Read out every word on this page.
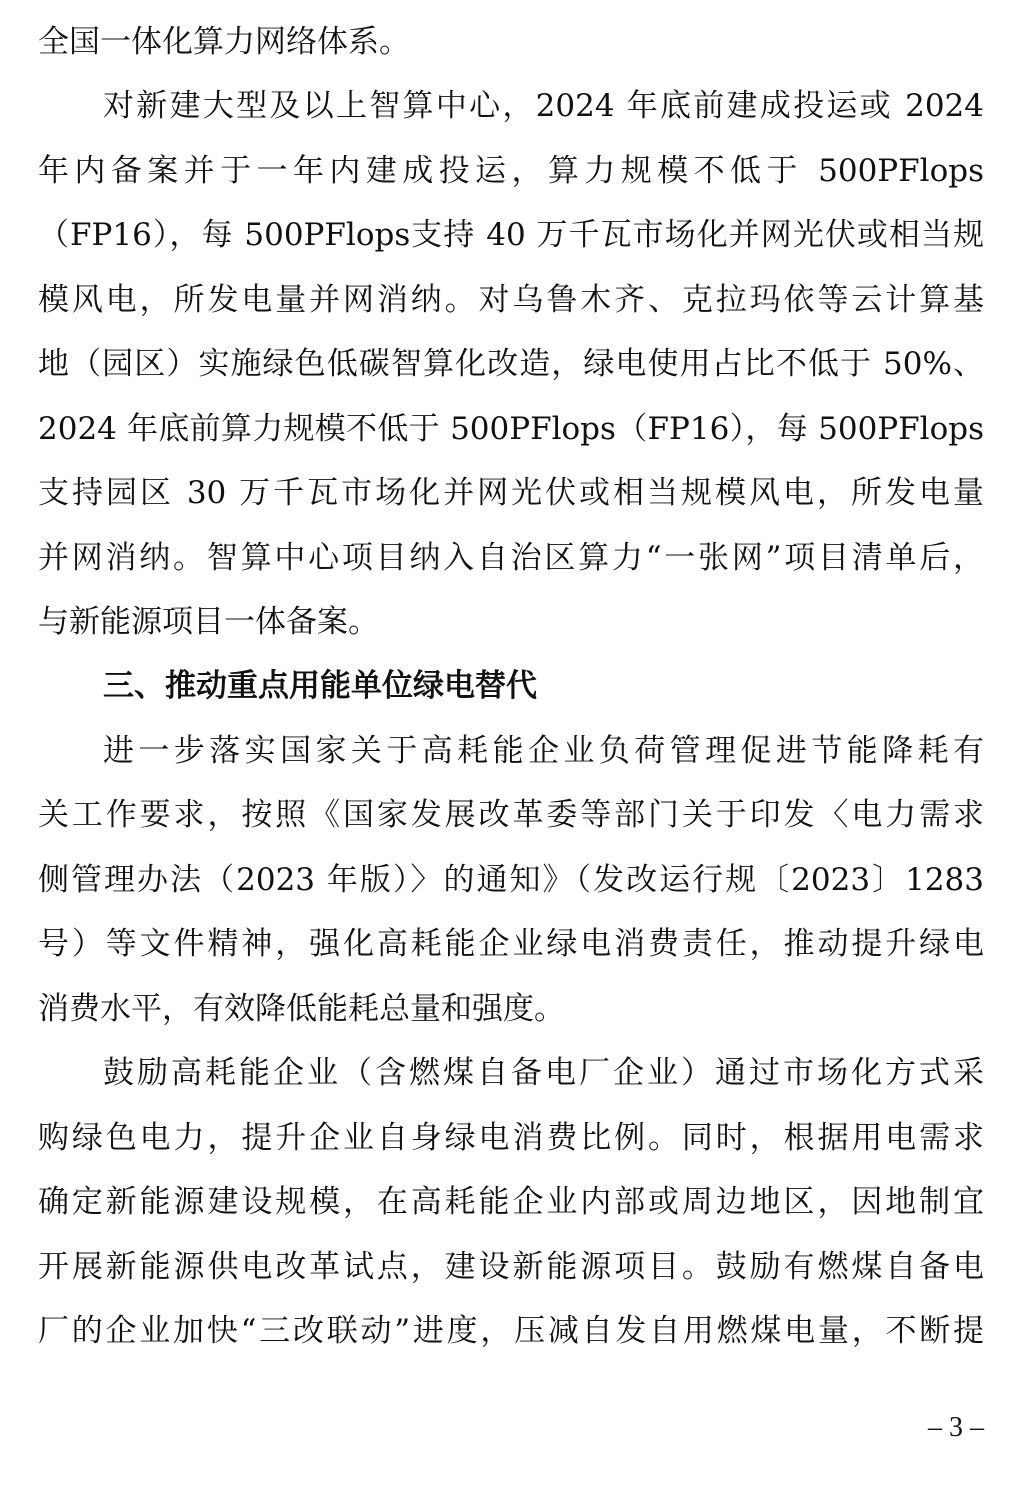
全国一体化算力网络体系。
对新建大型及以上智算中心，2024 年底前建成投运或 2024
年内备案并于一年内建成投运，算力规模不低于 500PFlops
（FP16），每 500PFlops支持 40 万千瓦市场化并网光伏或相当规
模风电，所发电量并网消纳。对乌鲁木齐、克拉玛依等云计算基
地（园区）实施绿色低碳智算化改造，绿电使用占比不低于 50%、
2024 年底前算力规模不低于 500PFlops（FP16），每 500PFlops
支持园区 30 万千瓦市场化并网光伏或相当规模风电，所发电量
并网消纳。智算中心项目纳入自治区算力“一张网”项目清单后，
与新能源项目一体备案。
三、推动重点用能单位绿电替代
进一步落实国家关于高耗能企业负荷管理促进节能降耗有
关工作要求，按照《国家发展改革委等部门关于印发〈电力需求
侧管理办法（2023 年版）〉的通知》（发改运行规〔2023〕1283
号）等文件精神，强化高耗能企业绿电消费责任，推动提升绿电
消费水平，有效降低能耗总量和强度。
鼓励高耗能企业（含燃煤自备电厂企业）通过市场化方式采
购绿色电力，提升企业自身绿电消费比例。同时，根据用电需求
确定新能源建设规模，在高耗能企业内部或周边地区，因地制宜
开展新能源供电改革试点，建设新能源项目。鼓励有燃煤自备电
厂的企业加快“三改联动”进度，压减自发自用燃煤电量，不断提
– 3 –
